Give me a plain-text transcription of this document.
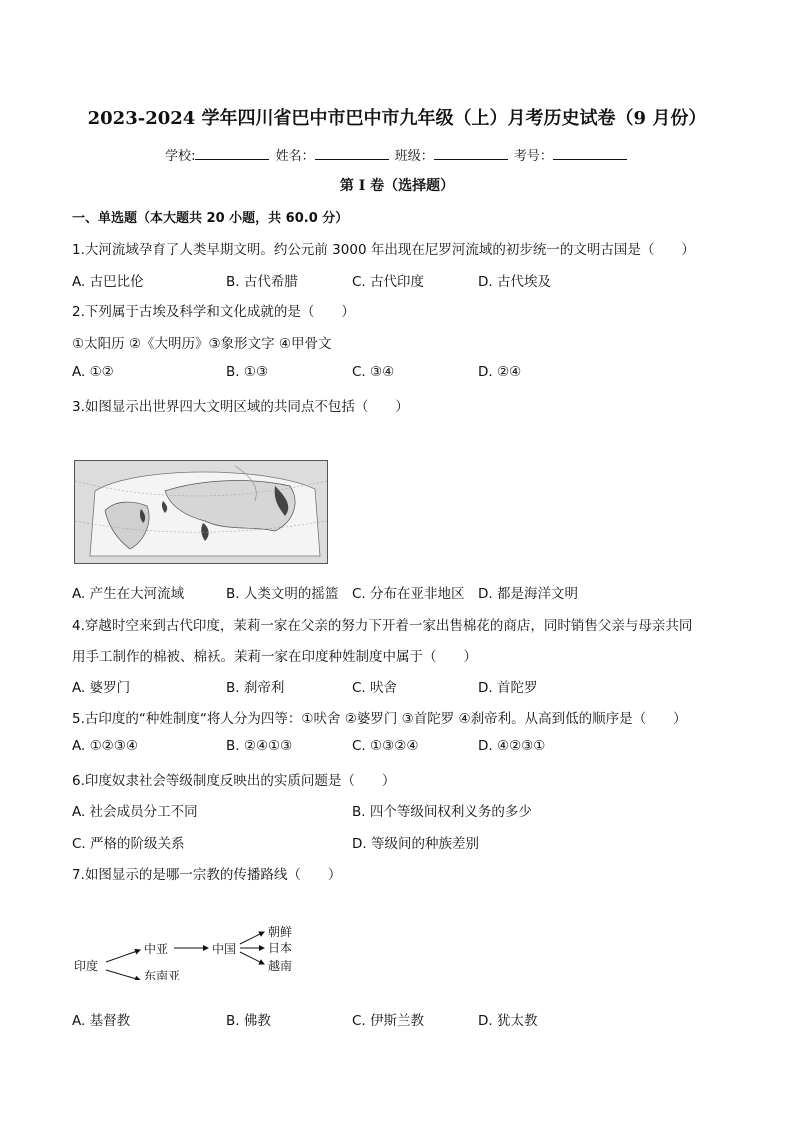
2023-2024 学年四川省巴中市巴中市九年级（上）月考历史试卷（9 月份）
学校:	姓名：	班级：	考号：
第 I 卷（选择题）
一、单选题（本大题共 20 小题，共 60.0 分）
1.大河流域孕育了人类早期文明。约公元前 3000 年出现在尼罗河流域的初步统一的文明古国是（　　）
A. 古巴比伦	B. 古代希腊	C. 古代印度	D. 古代埃及
2.下列属于古埃及科学和文化成就的是（　　）
①太阳历 ②《大明历》③象形文字 ④甲骨文
A. ①②	B. ①③	C. ③④	D. ②④
3.如图显示出世界四大文明区域的共同点不包括（　　）
A. 产生在大河流域	B. 人类文明的摇篮 C. 分布在亚非地区 D. 都是海洋文明
4.穿越时空来到古代印度，茉莉一家在父亲的努力下开着一家出售棉花的商店，同时销售父亲与母亲共同
用手工制作的棉被、棉袄。茉莉一家在印度种姓制度中属于（　　）
A. 婆罗门	B. 刹帝利	C. 吠舍	D. 首陀罗
5.古印度的“种姓制度“将人分为四等：①吠舍 ②婆罗门 ③首陀罗 ④刹帝利。从高到低的顺序是（　　）
A. ①②③④	B. ②④①③	C. ①③②④	D. ④②③①
6.印度奴隶社会等级制度反映出的实质问题是（　　）
A. 社会成员分工不同	B. 四个等级间权利义务的多少
C. 严格的阶级关系	D. 等级间的种族差别
7.如图显示的是哪一宗教的传播路线（　　）
印度
中亚
东南亚
中国
朝鲜
日本
越南
A. 基督教	B. 佛教	C. 伊斯兰教	D. 犹太教
